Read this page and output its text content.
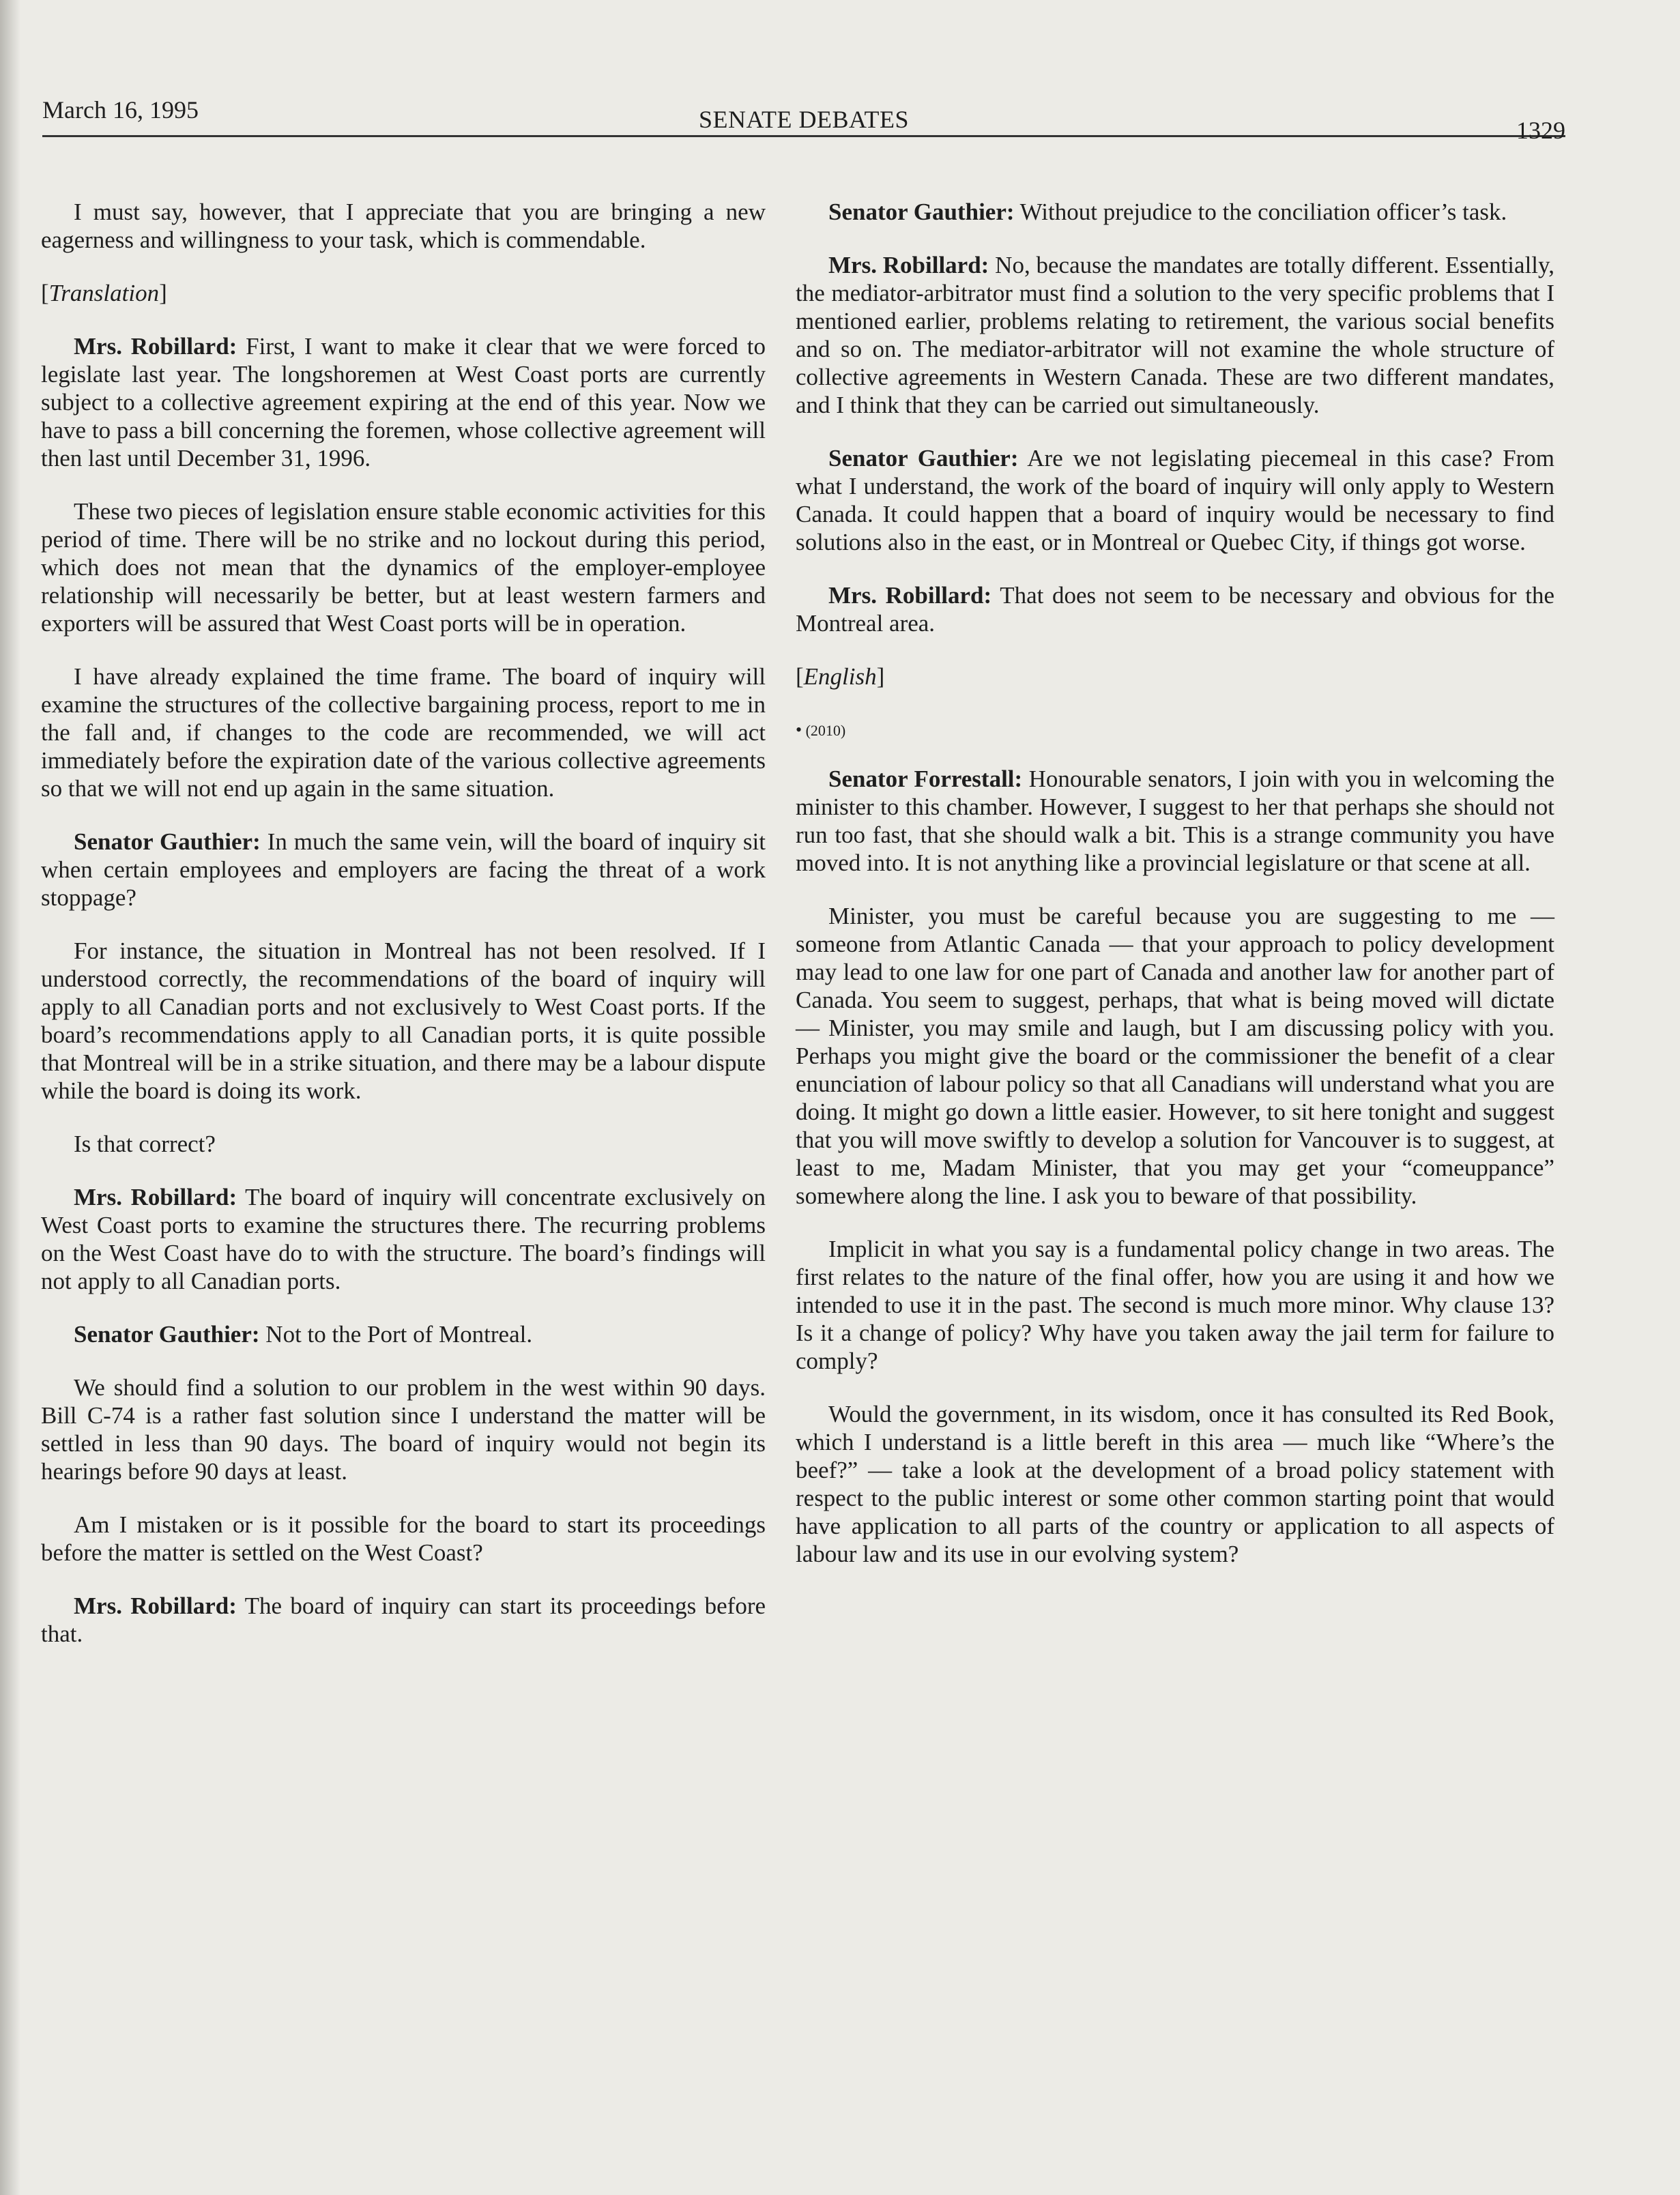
March 16, 1995	SENATE DEBATES	1329

I must say, however, that I appreciate that you are bringing a new eagerness and willingness to your task, which is commendable.

[Translation]

Mrs. Robillard: First, I want to make it clear that we were forced to legislate last year. The longshoremen at West Coast ports are currently subject to a collective agreement expiring at the end of this year. Now we have to pass a bill concerning the foremen, whose collective agreement will then last until December 31, 1996.

These two pieces of legislation ensure stable economic activities for this period of time. There will be no strike and no lockout during this period, which does not mean that the dynamics of the employer-employee relationship will necessarily be better, but at least western farmers and exporters will be assured that West Coast ports will be in operation.

I have already explained the time frame. The board of inquiry will examine the structures of the collective bargaining process, report to me in the fall and, if changes to the code are recommended, we will act immediately before the expiration date of the various collective agreements so that we will not end up again in the same situation.

Senator Gauthier: In much the same vein, will the board of inquiry sit when certain employees and employers are facing the threat of a work stoppage?

For instance, the situation in Montreal has not been resolved. If I understood correctly, the recommendations of the board of inquiry will apply to all Canadian ports and not exclusively to West Coast ports. If the board’s recommendations apply to all Canadian ports, it is quite possible that Montreal will be in a strike situation, and there may be a labour dispute while the board is doing its work.

Is that correct?

Mrs. Robillard: The board of inquiry will concentrate exclusively on West Coast ports to examine the structures there. The recurring problems on the West Coast have do to with the structure. The board’s findings will not apply to all Canadian ports.

Senator Gauthier: Not to the Port of Montreal.

We should find a solution to our problem in the west within 90 days. Bill C-74 is a rather fast solution since I understand the matter will be settled in less than 90 days. The board of inquiry would not begin its hearings before 90 days at least.

Am I mistaken or is it possible for the board to start its proceedings before the matter is settled on the West Coast?

Mrs. Robillard: The board of inquiry can start its proceedings before that.

Senator Gauthier: Without prejudice to the conciliation officer’s task.

Mrs. Robillard: No, because the mandates are totally different. Essentially, the mediator-arbitrator must find a solution to the very specific problems that I mentioned earlier, problems relating to retirement, the various social benefits and so on. The mediator-arbitrator will not examine the whole structure of collective agreements in Western Canada. These are two different mandates, and I think that they can be carried out simultaneously.

Senator Gauthier: Are we not legislating piecemeal in this case? From what I understand, the work of the board of inquiry will only apply to Western Canada. It could happen that a board of inquiry would be necessary to find solutions also in the east, or in Montreal or Quebec City, if things got worse.

Mrs. Robillard: That does not seem to be necessary and obvious for the Montreal area.

[English]

• (2010)

Senator Forrestall: Honourable senators, I join with you in welcoming the minister to this chamber. However, I suggest to her that perhaps she should not run too fast, that she should walk a bit. This is a strange community you have moved into. It is not anything like a provincial legislature or that scene at all.

Minister, you must be careful because you are suggesting to me — someone from Atlantic Canada — that your approach to policy development may lead to one law for one part of Canada and another law for another part of Canada. You seem to suggest, perhaps, that what is being moved will dictate — Minister, you may smile and laugh, but I am discussing policy with you. Perhaps you might give the board or the commissioner the benefit of a clear enunciation of labour policy so that all Canadians will understand what you are doing. It might go down a little easier. However, to sit here tonight and suggest that you will move swiftly to develop a solution for Vancouver is to suggest, at least to me, Madam Minister, that you may get your “comeuppance” somewhere along the line. I ask you to beware of that possibility.

Implicit in what you say is a fundamental policy change in two areas. The first relates to the nature of the final offer, how you are using it and how we intended to use it in the past. The second is much more minor. Why clause 13? Is it a change of policy? Why have you taken away the jail term for failure to comply?

Would the government, in its wisdom, once it has consulted its Red Book, which I understand is a little bereft in this area — much like “Where’s the beef?” — take a look at the development of a broad policy statement with respect to the public interest or some other common starting point that would have application to all parts of the country or application to all aspects of labour law and its use in our evolving system?
